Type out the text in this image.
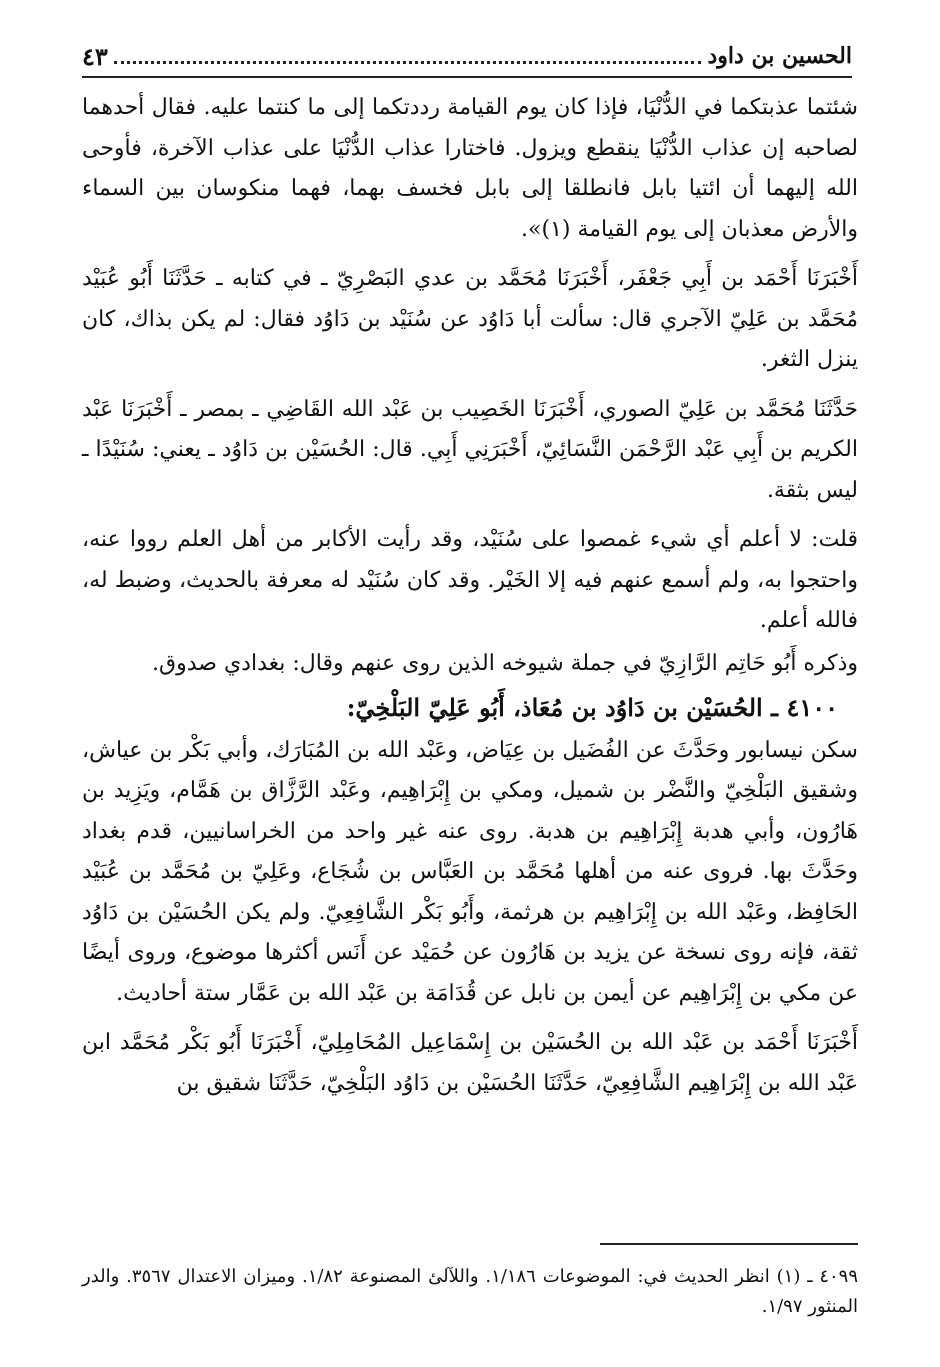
الحسين بن داود
٤٣

شئتما عذبتكما في الدُّنْيَا، فإذا كان يوم القيامة رددتكما إلى ما كنتما عليه. فقال أحدهما لصاحبه إن عذاب الدُّنْيَا ينقطع ويزول. فاختارا عذاب الدُّنْيَا على عذاب الآخرة، فأوحى الله إليهما أن ائتيا بابل فانطلقا إلى بابل فخسف بهما، فهما منكوسان بين السماء والأرض معذبان إلى يوم القيامة (١)».

أَخْبَرَنَا أَحْمَد بن أَبِي جَعْفَر، أَخْبَرَنَا مُحَمَّد بن عدي البَصْرِيّ ـ في كتابه ـ حَدَّثَنَا أَبُو عُبَيْد مُحَمَّد بن عَلِيّ الآجري قال: سألت أبا دَاوُد عن سُنَيْد بن دَاوُد فقال: لم يكن بذاك، كان ينزل الثغر.

حَدَّثَنَا مُحَمَّد بن عَلِيّ الصوري، أَخْبَرَنَا الخَصِيب بن عَبْد الله القَاضِي ـ بمصر ـ أَخْبَرَنَا عَبْد الكريم بن أَبِي عَبْد الرَّحْمَن النَّسَائِيّ، أَخْبَرَنِي أَبِي. قال: الحُسَيْن بن دَاوُد ـ يعني: سُنَيْدًا ـ ليس بثقة.

قلت: لا أعلم أي شيء غمصوا على سُنَيْد، وقد رأيت الأكابر من أهل العلم رووا عنه، واحتجوا به، ولم أسمع عنهم فيه إلا الخَيْر. وقد كان سُنَيْد له معرفة بالحديث، وضبط له، فالله أعلم.

وذكره أَبُو حَاتِم الرَّازِيّ في جملة شيوخه الذين روى عنهم وقال: بغدادي صدوق.

٤١٠٠ ـ الحُسَيْن بن دَاوُد بن مُعَاذ، أَبُو عَلِيّ البَلْخِيّ:

سكن نيسابور وحَدَّثَ عن الفُضَيل بن عِيَاض، وعَبْد الله بن المُبَارَك، وأبي بَكْر بن عياش، وشقيق البَلْخِيّ والنَّضْر بن شميل، ومكي بن إِبْرَاهِيم، وعَبْد الرَّزَّاق بن هَمَّام، ويَزِيد بن هَارُون، وأبي هدبة إِبْرَاهِيم بن هدبة. روى عنه غير واحد من الخراسانيين، قدم بغداد وحَدَّثَ بها. فروى عنه من أهلها مُحَمَّد بن العَبَّاس بن شُجَاع، وعَلِيّ بن مُحَمَّد بن عُبَيْد الحَافِظ، وعَبْد الله بن إِبْرَاهِيم بن هرثمة، وأَبُو بَكْر الشَّافِعِيّ. ولم يكن الحُسَيْن بن دَاوُد ثقة، فإنه روى نسخة عن يزيد بن هَارُون عن حُمَيْد عن أَنَس أكثرها موضوع، وروى أيضًا عن مكي بن إِبْرَاهِيم عن أيمن بن نابل عن قُدَامَة بن عَبْد الله بن عَمَّار ستة أحاديث.

أَخْبَرَنَا أَحْمَد بن عَبْد الله بن الحُسَيْن بن إِسْمَاعِيل المُحَامِلِيّ، أَخْبَرَنَا أَبُو بَكْر مُحَمَّد ابن عَبْد الله بن إِبْرَاهِيم الشَّافِعِيّ، حَدَّثَنَا الحُسَيْن بن دَاوُد البَلْخِيّ، حَدَّثَنَا شقيق بن

٤٠٩٩ ـ (١) انظر الحديث في: الموضوعات ١/١٨٦. واللآلئ المصنوعة ١/٨٢. وميزان الاعتدال ٣٥٦٧. والدر المنثور ١/٩٧.
